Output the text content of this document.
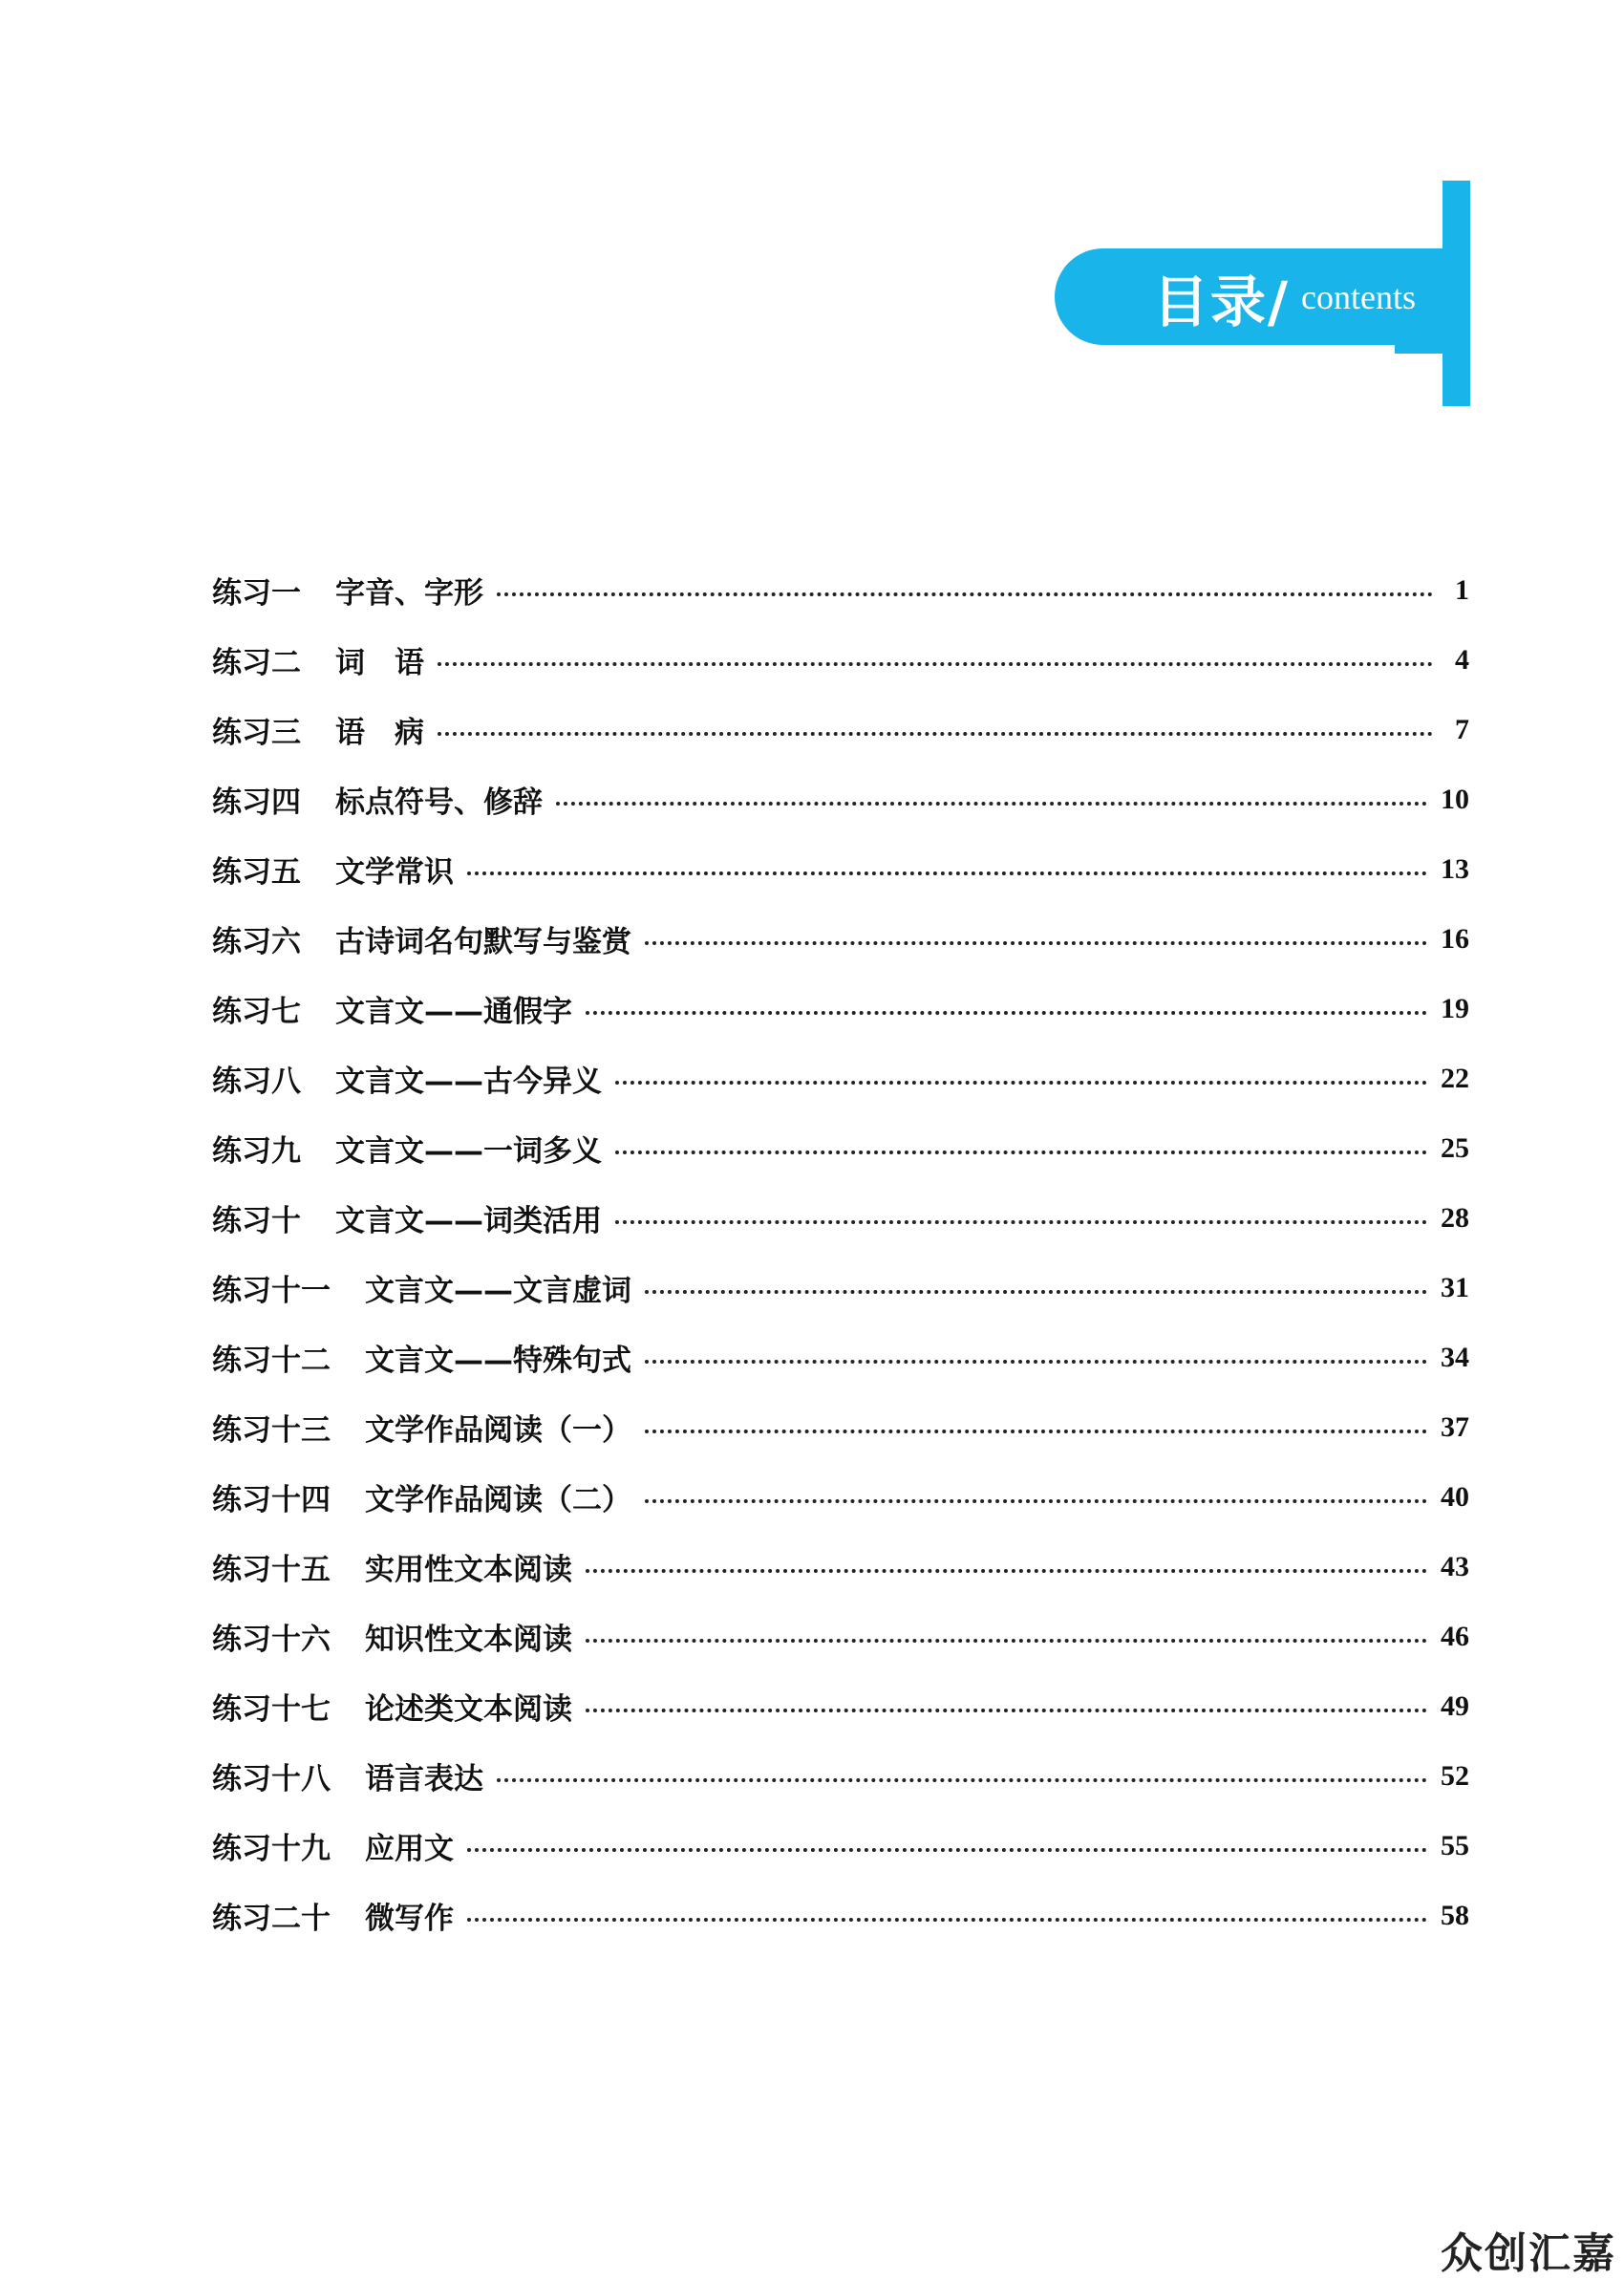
目录/ contents
练习一 字音、字形	1
练习二 词　语	4
练习三 语　病	7
练习四 标点符号、修辞	10
练习五 文学常识	13
练习六 古诗词名句默写与鉴赏	16
练习七 文言文——通假字	19
练习八 文言文——古今异义	22
练习九 文言文——一词多义	25
练习十 文言文——词类活用	28
练习十一 文言文——文言虚词	31
练习十二 文言文——特殊句式	34
练习十三 文学作品阅读（一）	37
练习十四 文学作品阅读（二）	40
练习十五 实用性文本阅读	43
练习十六 知识性文本阅读	46
练习十七 论述类文本阅读	49
练习十八 语言表达	52
练习十九 应用文	55
练习二十 微写作	58
众创汇嘉
